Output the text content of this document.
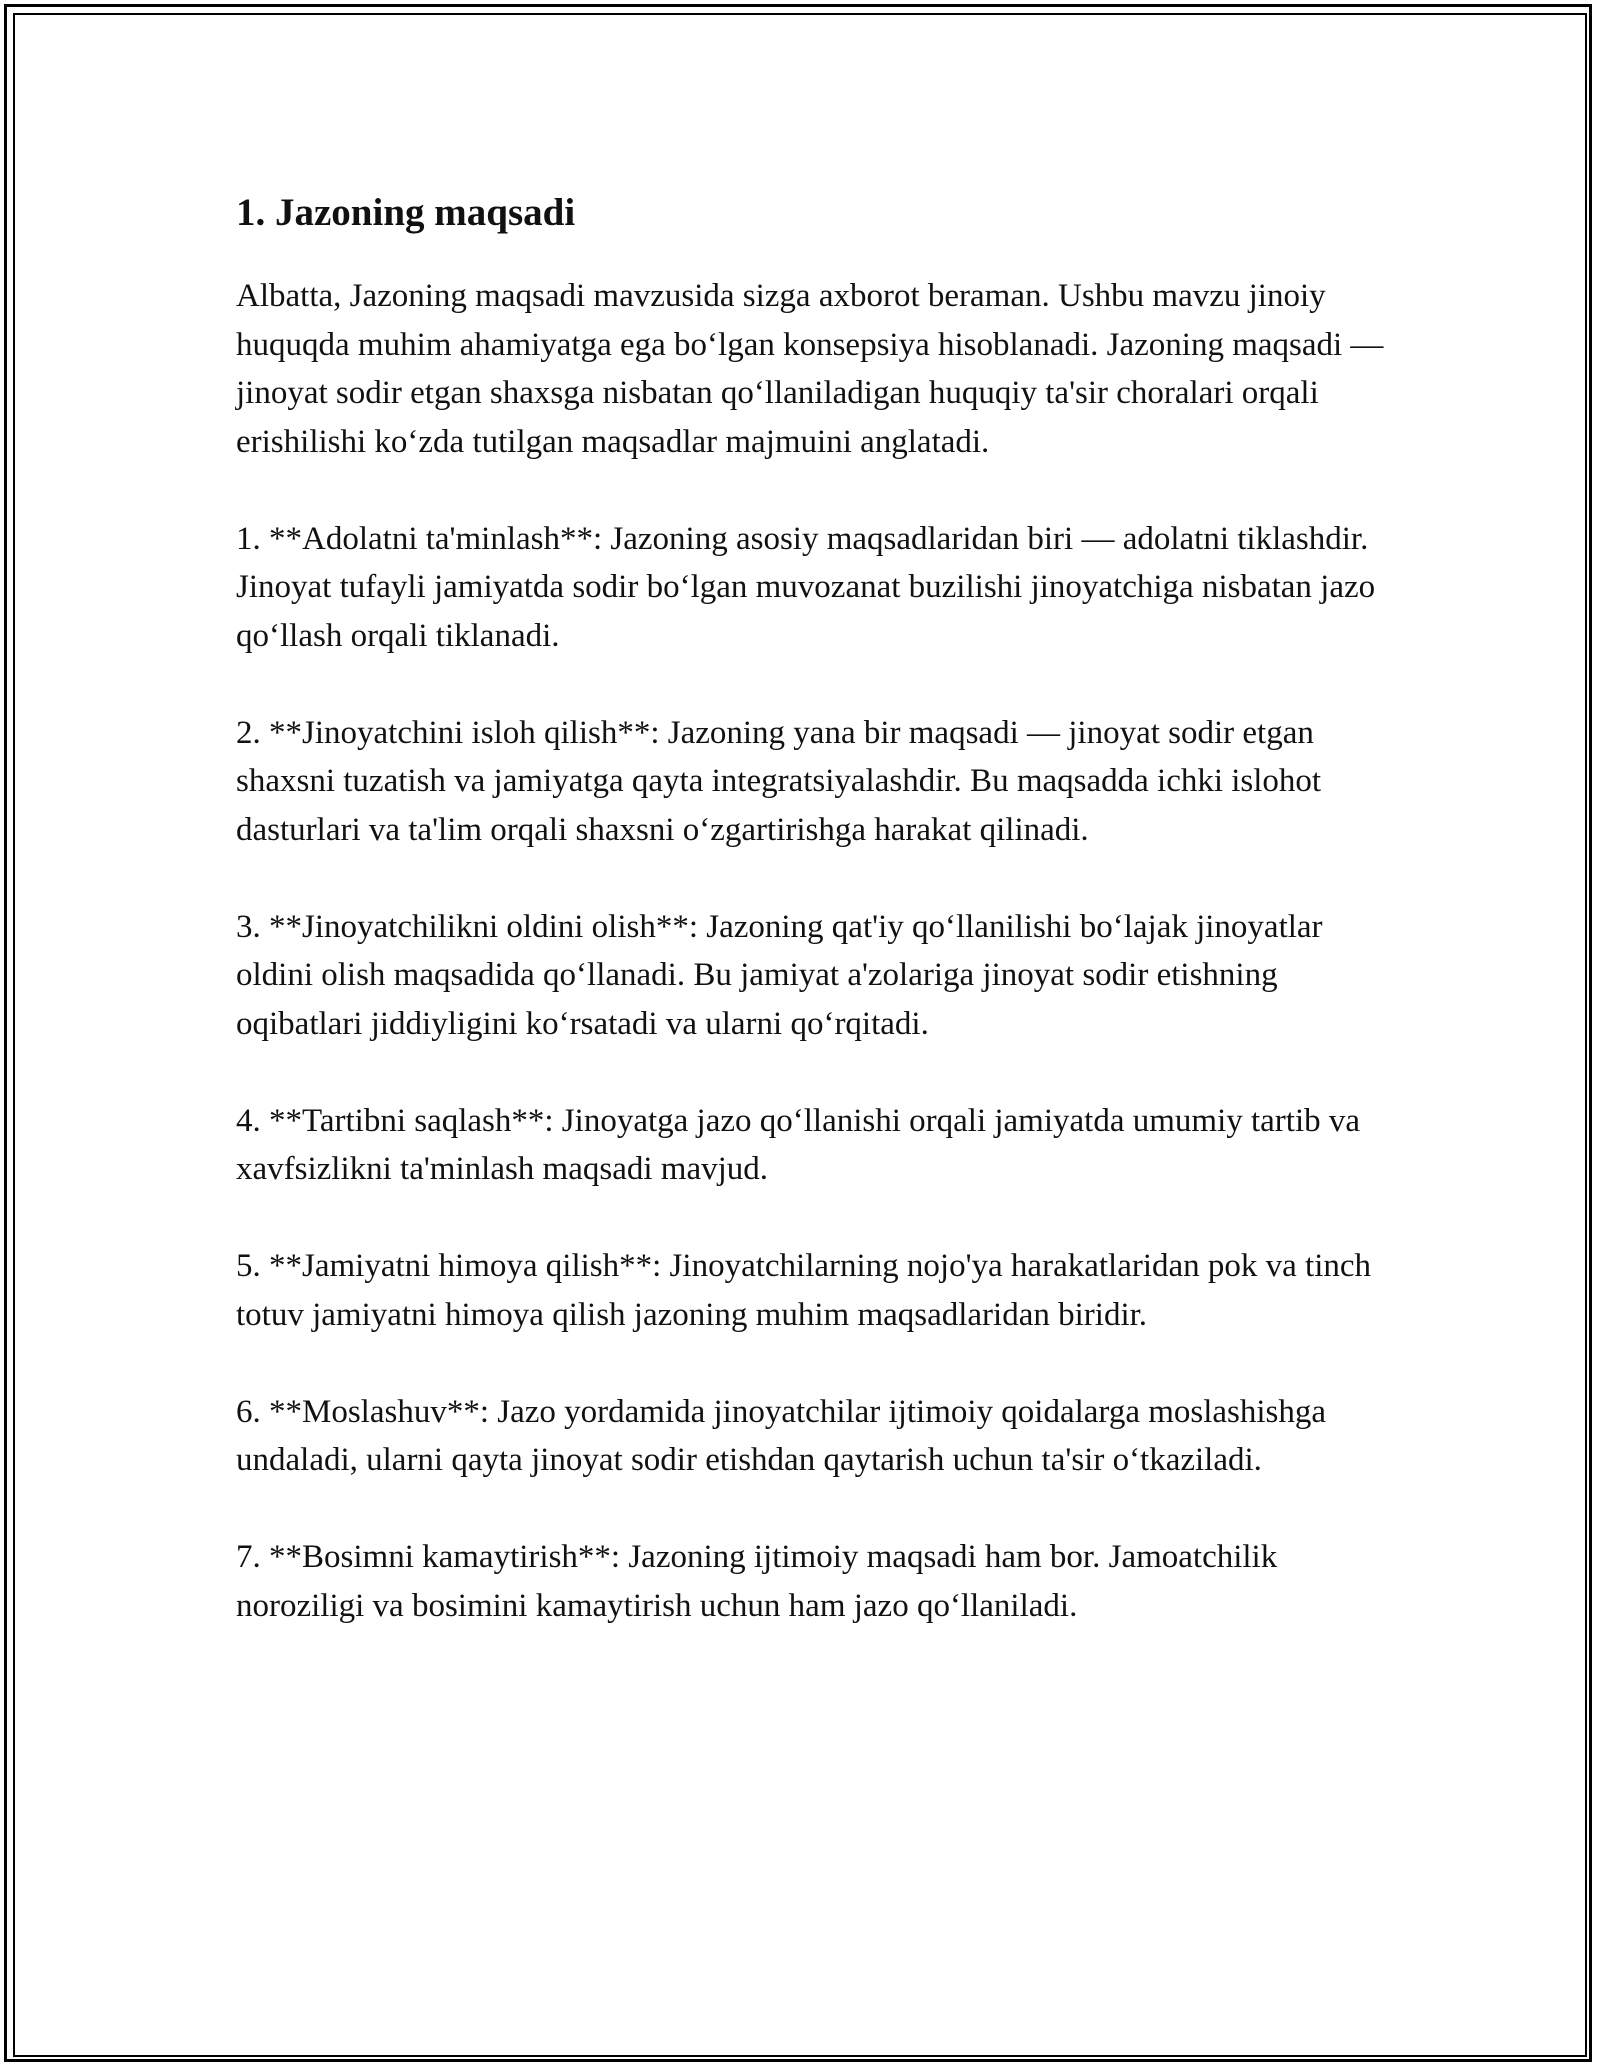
1. Jazoning maqsadi

Albatta, Jazoning maqsadi mavzusida sizga axborot beraman. Ushbu mavzu jinoiy huquqda muhim ahamiyatga ega bo‘lgan konsepsiya hisoblanadi. Jazoning maqsadi — jinoyat sodir etgan shaxsga nisbatan qo‘llaniladigan huquqiy ta'sir choralari orqali erishilishi ko‘zda tutilgan maqsadlar majmuini anglatadi.

1. **Adolatni ta'minlash**: Jazoning asosiy maqsadlaridan biri — adolatni tiklashdir. Jinoyat tufayli jamiyatda sodir bo‘lgan muvozanat buzilishi jinoyatchiga nisbatan jazo qo‘llash orqali tiklanadi.

2. **Jinoyatchini isloh qilish**: Jazoning yana bir maqsadi — jinoyat sodir etgan shaxsni tuzatish va jamiyatga qayta integratsiyalashdir. Bu maqsadda ichki islohot dasturlari va ta'lim orqali shaxsni o‘zgartirishga harakat qilinadi.

3. **Jinoyatchilikni oldini olish**: Jazoning qat'iy qo‘llanilishi bo‘lajak jinoyatlar oldini olish maqsadida qo‘llanadi. Bu jamiyat a'zolariga jinoyat sodir etishning oqibatlari jiddiyligini ko‘rsatadi va ularni qo‘rqitadi.

4. **Tartibni saqlash**: Jinoyatga jazo qo‘llanishi orqali jamiyatda umumiy tartib va xavfsizlikni ta'minlash maqsadi mavjud.

5. **Jamiyatni himoya qilish**: Jinoyatchilarning nojo'ya harakatlaridan pok va tinch totuv jamiyatni himoya qilish jazoning muhim maqsadlaridan biridir.

6. **Moslashuv**: Jazo yordamida jinoyatchilar ijtimoiy qoidalarga moslashishga undaladi, ularni qayta jinoyat sodir etishdan qaytarish uchun ta'sir o‘tkaziladi.

7. **Bosimni kamaytirish**: Jazoning ijtimoiy maqsadi ham bor. Jamoatchilik noroziligi va bosimini kamaytirish uchun ham jazo qo‘llaniladi.
